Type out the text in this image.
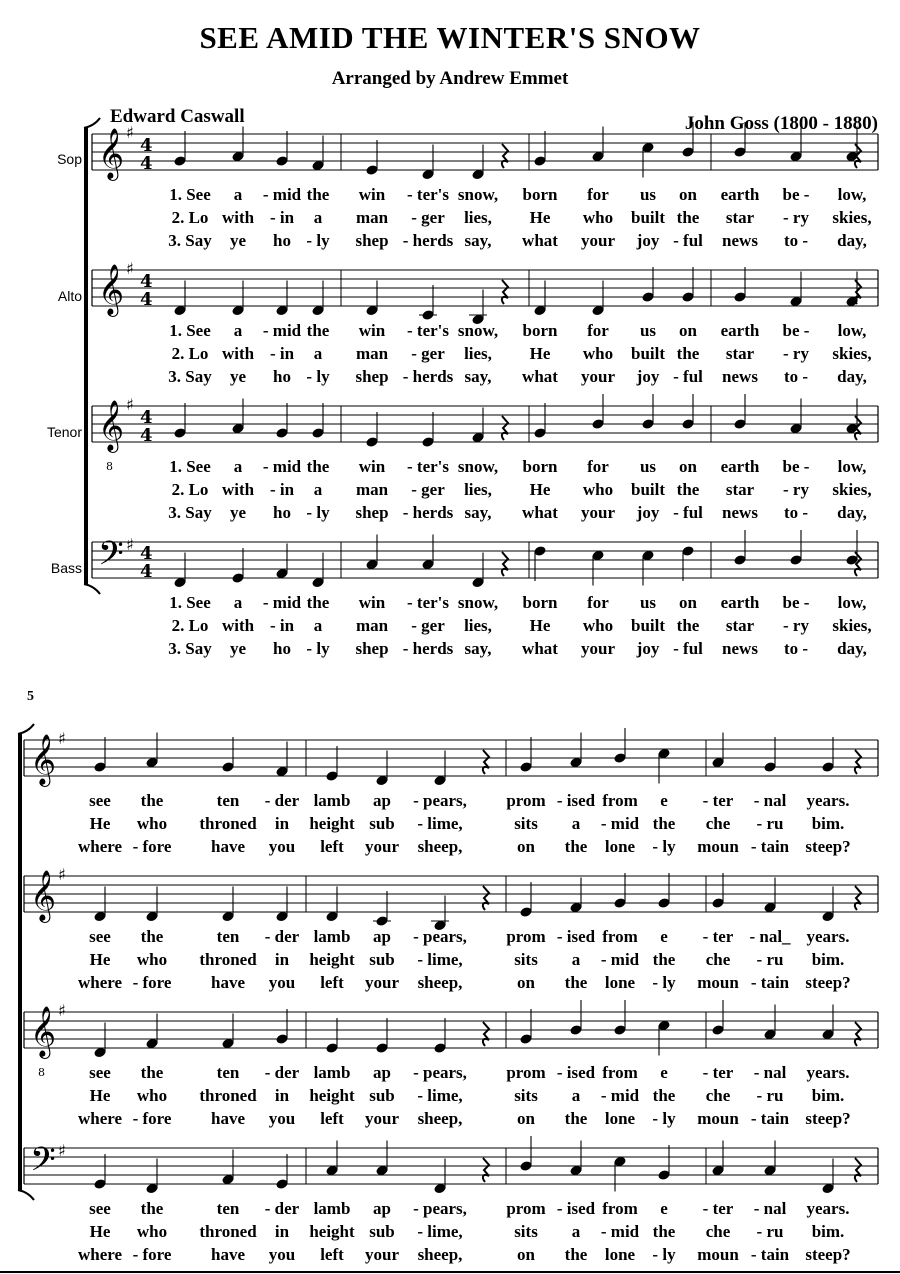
SEE AMID THE WINTER'S SNOW
Arranged by Andrew Emmet
Edward Caswall	John Goss (1800 - 1880)
5
Sop
Alto
Tenor
Bass
𝄞 ♯
4
4
𝄞 ♯
4
4
𝄞
8
♯
4
4
𝄢 ♯ 4
4
𝄞 ♯
𝄞 ♯
𝄞
8
♯
𝄢 ♯
1. See a - mid the win - ter's snow, born for us on earth be - low,
2. Lo with - in a man - ger lies, He who built the star - ry skies,
3. Say ye ho - ly shep - herds say, what your joy - ful news to - day,
1. See a - mid the win - ter's snow, born for us on earth be - low,
2. Lo with - in a man - ger lies, He who built the star - ry skies,
3. Say ye ho - ly shep - herds say, what your joy - ful news to - day,
1. See a - mid the win - ter's snow, born for us on earth be - low,
2. Lo with - in a man - ger lies, He who built the star - ry skies,
3. Say ye ho - ly shep - herds say, what your joy - ful news to - day,
1. See a - mid the win - ter's snow, born for us on earth be - low,
2. Lo with - in a man - ger lies, He who built the star - ry skies,
3. Say ye ho - ly shep - herds say, what your joy - ful news to - day,
see the	ten - der lamb ap - pears, prom - ised from e - ter - nal years.
He who throned in height sub - lime,	sits a - mid the che - ru bim.
where - fore have you left your sheep,	on the lone - ly moun - tain steep?
see the	ten - der lamb ap - pears, prom - ised from e - ter - nal_ years.
He who throned in height sub - lime,	sits a - mid the che - ru bim.
where - fore have you left your sheep,	on the lone - ly moun - tain steep?
see the	ten - der lamb ap - pears, prom - ised from e - ter - nal years.
He who throned in height sub - lime,	sits a - mid the che - ru bim.
where - fore have you left your sheep,	on the lone - ly moun - tain steep?
see the	ten - der lamb ap - pears, prom - ised from e - ter - nal years.
He who throned in height sub - lime,	sits a - mid the che - ru bim.
where - fore have you left your sheep,	on the lone - ly moun - tain steep?
